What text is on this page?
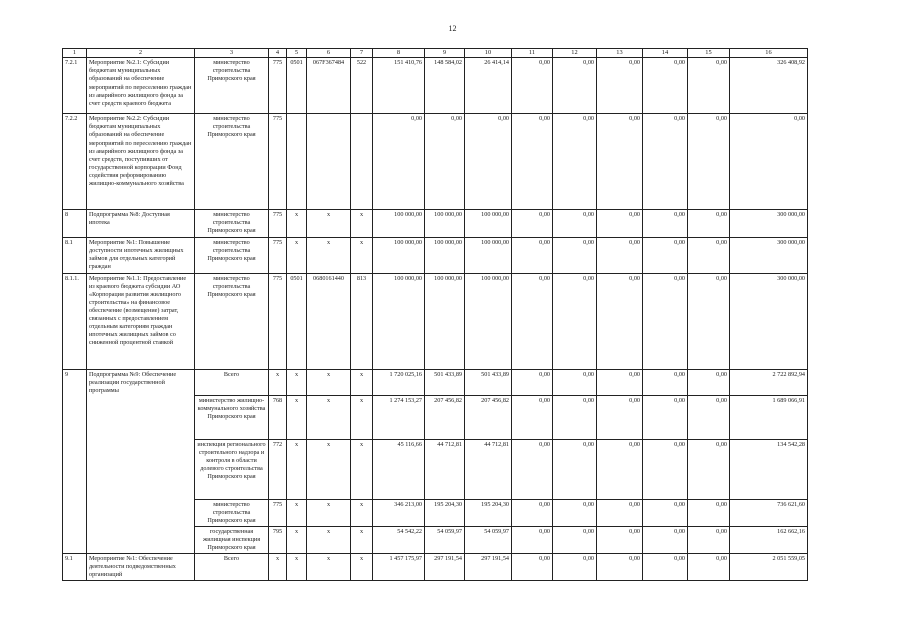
12
1	2	3	4	5	6	7	8	9	10	11	12	13	14	15	16
7.2.1	Мероприятие №2.1: Субсидии бюджетам муниципальных образований на обеспечение мероприятий по переселению граждан из аварийного жилищного фонда за счет средств краевого бюджета	министерство строительства Приморского края	775	0501	067F367484	522	151 410,76	148 584,02	26 414,14	0,00	0,00	0,00	0,00	0,00	326 408,92
7.2.2	Мероприятие №2.2: Субсидии бюджетам муниципальных образований на обеспечение мероприятий по переселению граждан из аварийного жилищного фонда за счет средств, поступивших от государственной корпорации Фонд содействия реформированию жилищно-коммунального хозяйства	министерство строительства Приморского края	775				0,00	0,00	0,00	0,00	0,00	0,00	0,00	0,00	0,00
8	Подпрограмма №8: Доступная ипотека	министерство строительства Приморского края	775	х	х	х	100 000,00	100 000,00	100 000,00	0,00	0,00	0,00	0,00	0,00	300 000,00
8.1	Мероприятие №1: Повышение доступности ипотечных жилищных займов для отдельных категорий граждан	министерство строительства Приморского края	775	х	х	х	100 000,00	100 000,00	100 000,00	0,00	0,00	0,00	0,00	0,00	300 000,00
8.1.1.	Мероприятие №1.1: Предоставление из краевого бюджета субсидии АО «Корпорация развития жилищного строительства» на финансовое обеспечение (возмещение) затрат, связанных с предоставлением отдельным категориям граждан ипотечных жилищных займов со сниженной процентной ставкой	министерство строительства Приморского края	775	0501	0680161440	813	100 000,00	100 000,00	100 000,00	0,00	0,00	0,00	0,00	0,00	300 000,00
9	Подпрограмма №9: Обеспечение реализации государственной программы	Всего	х	х	х	х	1 720 025,16	501 433,89	501 433,89	0,00	0,00	0,00	0,00	0,00	2 722 892,94
		министерство жилищно-коммунального хозяйства Приморского края	768	х	х	х	1 274 153,27	207 456,82	207 456,82	0,00	0,00	0,00	0,00	0,00	1 689 066,91
		инспекция регионального строительного надзора и контроля в области долевого строительства Приморского края	772	х	х	х	45 116,66	44 712,81	44 712,81	0,00	0,00	0,00	0,00	0,00	134 542,28
		министерство строительства Приморского края	775	х	х	х	346 213,00	195 204,30	195 204,30	0,00	0,00	0,00	0,00	0,00	736 621,60
		государственная жилищная инспекция Приморского края	795	х	х	х	54 542,22	54 059,97	54 059,97	0,00	0,00	0,00	0,00	0,00	162 662,16
9.1	Мероприятие №1: Обеспечение деятельности подведомственных организаций	Всего	х	х	х	х	1 457 175,97	297 191,54	297 191,54	0,00	0,00	0,00	0,00	0,00	2 051 559,05
